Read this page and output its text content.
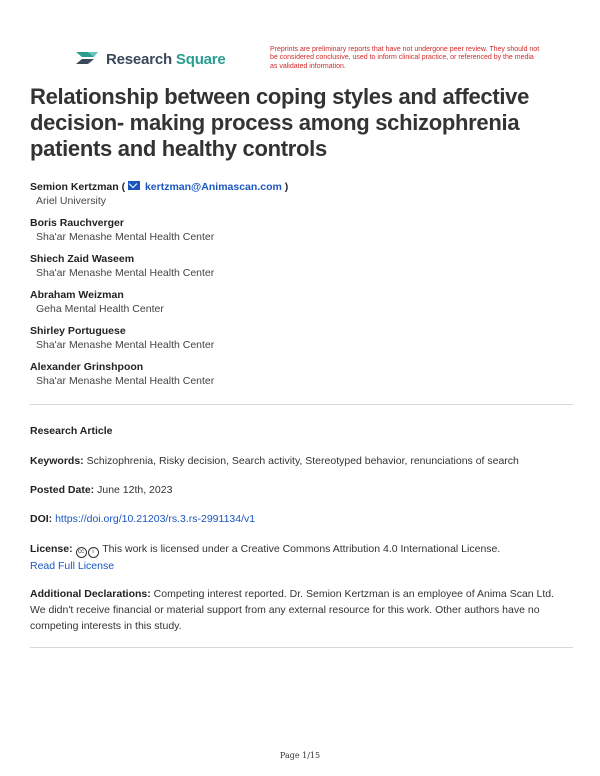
Research Square
Preprints are preliminary reports that have not undergone peer review. They should not be considered conclusive, used to inform clinical practice, or referenced by the media as validated information.
Relationship between coping styles and affective decision- making process among schizophrenia patients and healthy controls
Semion Kertzman ( kertzman@Animascan.com )
Ariel University
Boris Rauchverger
Sha'ar Menashe Mental Health Center
Shiech Zaid Waseem
Sha'ar Menashe Mental Health Center
Abraham Weizman
Geha Mental Health Center
Shirley Portuguese
Sha'ar Menashe Mental Health Center
Alexander Grinshpoon
Sha'ar Menashe Mental Health Center
Research Article
Keywords: Schizophrenia, Risky decision, Search activity, Stereotyped behavior, renunciations of search
Posted Date: June 12th, 2023
DOI: https://doi.org/10.21203/rs.3.rs-2991134/v1
License: cc i This work is licensed under a Creative Commons Attribution 4.0 International License.
Read Full License
Additional Declarations: Competing interest reported. Dr. Semion Kertzman is an employee of Anima Scan Ltd. We didn't receive financial or material support from any external resource for this work. Other authors have no competing interests in this study.
Page 1/15
